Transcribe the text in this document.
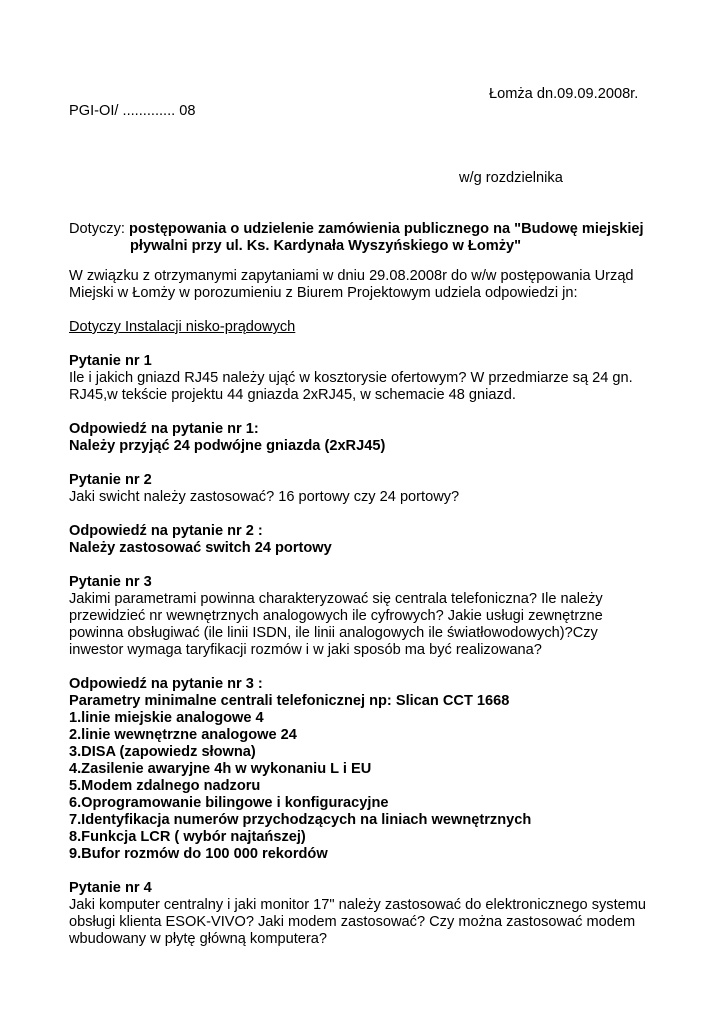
Łomża dn.09.09.2008r.
PGI-OI/ ............. 08
w/g rozdzielnika
Dotyczy: postępowania o udzielenie zamówienia publicznego na "Budowę miejskiej
pływalni przy ul. Ks. Kardynała Wyszyńskiego w Łomży"

W związku z otrzymanymi zapytaniami w dniu 29.08.2008r do w/w postępowania Urząd

Miejski w Łomży w porozumieniu z Biurem Projektowym udziela odpowiedzi jn:

Dotyczy Instalacji nisko-prądowych

Pytanie nr 1

Ile i jakich gniazd RJ45 należy ująć w kosztorysie ofertowym? W przedmiarze są 24 gn.

RJ45,w tekście projektu 44 gniazda 2xRJ45, w schemacie 48 gniazd.

Odpowiedź na pytanie nr 1:

Należy przyjąć 24 podwójne gniazda (2xRJ45)

Pytanie nr 2

Jaki swicht należy zastosować? 16 portowy czy 24 portowy?

Odpowiedź na pytanie nr 2 :

Należy zastosować switch 24 portowy

Pytanie nr 3

Jakimi parametrami powinna charakteryzować się centrala telefoniczna? Ile należy

przewidzieć nr wewnętrznych analogowych ile cyfrowych? Jakie usługi zewnętrzne

powinna obsługiwać (ile linii ISDN, ile linii analogowych ile światłowodowych)?Czy

inwestor wymaga taryfikacji rozmów i w jaki sposób ma być realizowana?

Odpowiedź na pytanie nr 3 :

Parametry minimalne centrali telefonicznej np: Slican CCT 1668

1.linie miejskie analogowe 4

2.linie wewnętrzne analogowe 24

3.DISA (zapowiedz słowna)

4.Zasilenie awaryjne 4h w wykonaniu L i EU

5.Modem zdalnego nadzoru

6.Oprogramowanie bilingowe i konfiguracyjne

7.Identyfikacja numerów przychodzących na liniach wewnętrznych

8.Funkcja LCR ( wybór najtańszej)

9.Bufor rozmów do 100 000 rekordów

Pytanie nr 4

Jaki komputer centralny i jaki monitor 17" należy zastosować do elektronicznego systemu

obsługi klienta ESOK-VIVO? Jaki modem zastosować? Czy można zastosować modem

wbudowany w płytę główną komputera?
